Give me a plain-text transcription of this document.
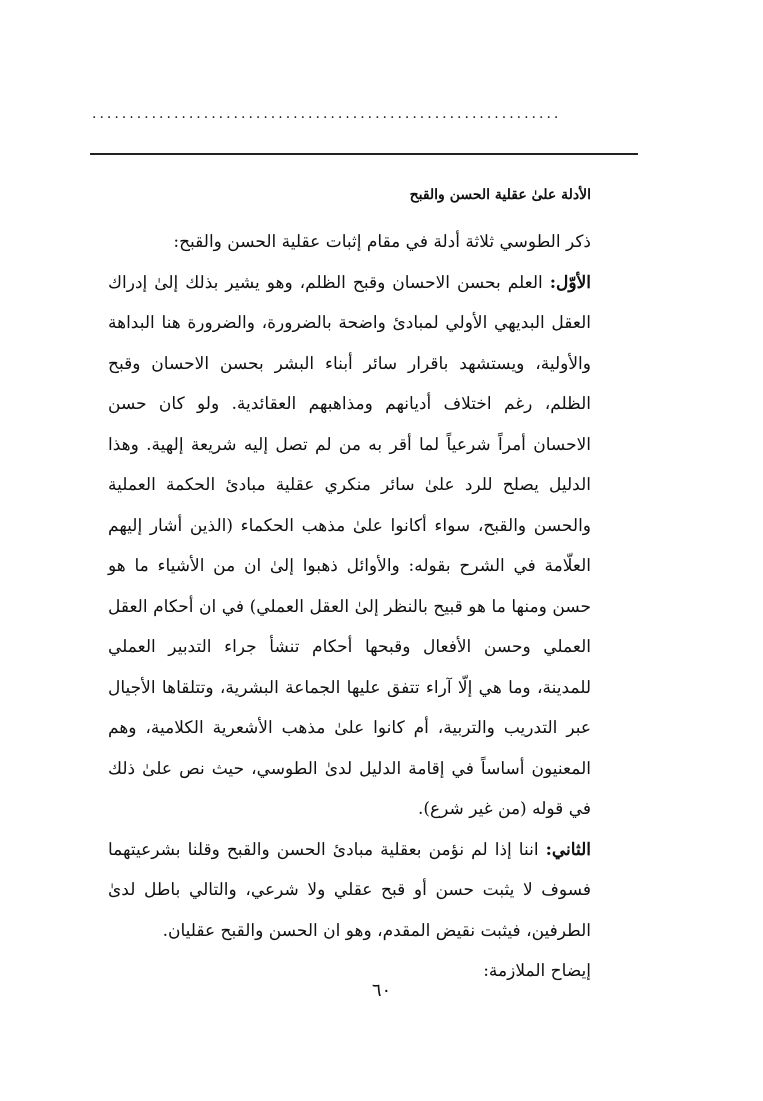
...............................................................
الأدلة علىٰ عقلية الحسن والقبح

ذكر الطوسي ثلاثة أدلة في مقام إثبات عقلية الحسن والقبح:

الأوّل: العلم بحسن الاحسان وقبح الظلم، وهو يشير بذلك إلىٰ إدراك العقل البديهي الأولي لمبادئ واضحة بالضرورة، والضرورة هنا البداهة والأولية، ويستشهد باقرار سائر أبناء البشر بحسن الاحسان وقبح الظلم، رغم اختلاف أديانهم ومذاهبهم العقائدية. ولو كان حسن الاحسان أمراً شرعياً لما أقر به من لم تصل إليه شريعة إلهية. وهذا الدليل يصلح للرد علىٰ سائر منكري عقلية مبادئ الحكمة العملية والحسن والقبح، سواء أكانوا علىٰ مذهب الحكماء (الذين أشار إليهم العلّامة في الشرح بقوله: والأوائل ذهبوا إلىٰ ان من الأشياء ما هو حسن ومنها ما هو قبيح بالنظر إلىٰ العقل العملي) في ان أحكام العقل العملي وحسن الأفعال وقبحها أحكام تنشأ جراء التدبير العملي للمدينة، وما هي إلّا آراء تتفق عليها الجماعة البشرية، وتتلقاها الأجيال عبر التدريب والتربية، أم كانوا علىٰ مذهب الأشعرية الكلامية، وهم المعنيون أساساً في إقامة الدليل لدىٰ الطوسي، حيث نص علىٰ ذلك في قوله (من غير شرع).

الثاني: اننا إذا لم نؤمن بعقلية مبادئ الحسن والقبح وقلنا بشرعيتهما فسوف لا يثبت حسن أو قبح عقلي ولا شرعي، والتالي باطل لدىٰ الطرفين، فيثبت نقيض المقدم، وهو ان الحسن والقبح عقليان.

إيضاح الملازمة:

٦٠
